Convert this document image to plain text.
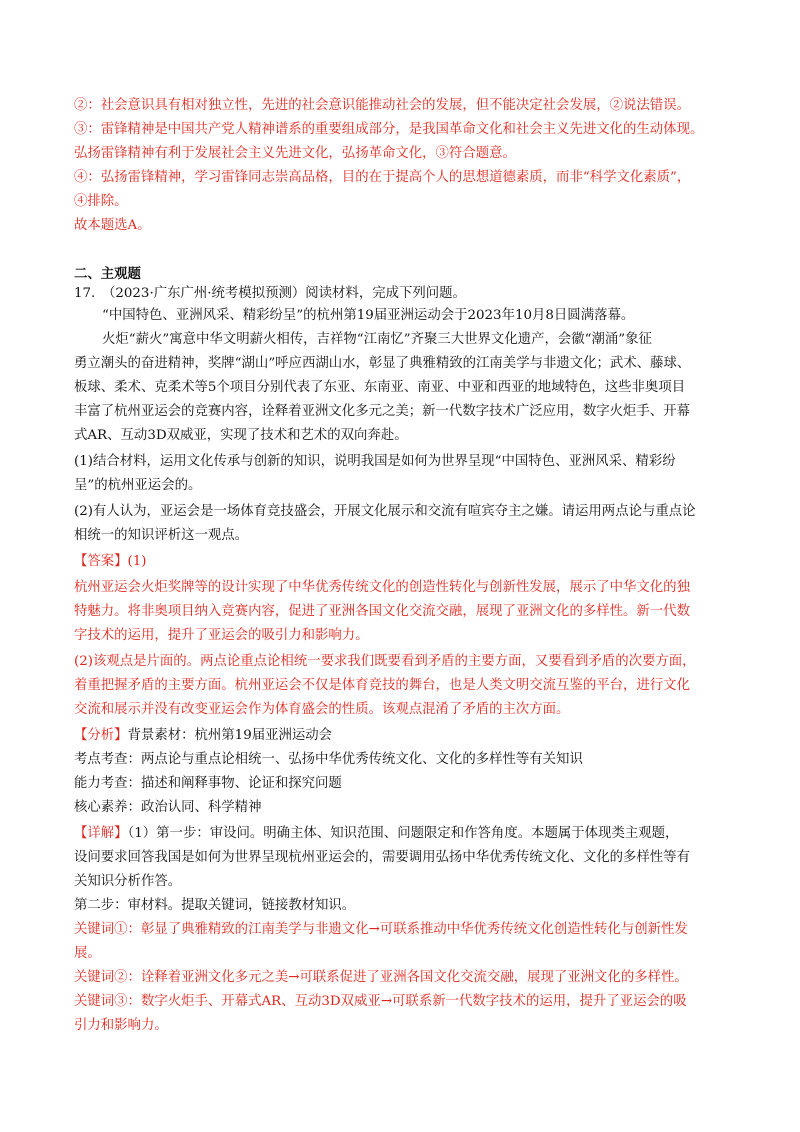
②：社会意识具有相对独立性，先进的社会意识能推动社会的发展，但不能决定社会发展，②说法错误。
③：雷锋精神是中国共产党人精神谱系的重要组成部分，是我国革命文化和社会主义先进文化的生动体现。
弘扬雷锋精神有利于发展社会主义先进文化，弘扬革命文化，③符合题意。
④：弘扬雷锋精神，学习雷锋同志崇高品格，目的在于提高个人的思想道德素质，而非“科学文化素质”，
④排除。
故本题选A。
二、主观题
17.　（2023·广东广州·统考模拟预测）阅读材料，完成下列问题。
“中国特色、亚洲风采、精彩纷呈”的杭州第19届亚洲运动会于2023年10月8日圆满落幕。
火炬“薪火”寓意中华文明薪火相传，吉祥物“江南忆”齐聚三大世界文化遗产，会徽“潮涌”象征
勇立潮头的奋进精神，奖牌“湖山”呼应西湖山水，彰显了典雅精致的江南美学与非遗文化；武术、藤球、
板球、柔术、克柔术等5个项目分别代表了东亚、东南亚、南亚、中亚和西亚的地域特色，这些非奥项目
丰富了杭州亚运会的竞赛内容，诠释着亚洲文化多元之美；新一代数字技术广泛应用，数字火炬手、开幕
式AR、互动3D双威亚，实现了技术和艺术的双向奔赴。
(1)结合材料，运用文化传承与创新的知识，说明我国是如何为世界呈现“中国特色、亚洲风采、精彩纷
呈”的杭州亚运会的。
(2)有人认为，亚运会是一场体育竞技盛会，开展文化展示和交流有喧宾夺主之嫌。请运用两点论与重点论
相统一的知识评析这一观点。
【答案】(1)
杭州亚运会火炬奖牌等的设计实现了中华优秀传统文化的创造性转化与创新性发展，展示了中华文化的独
特魅力。将非奥项目纳入竞赛内容，促进了亚洲各国文化交流交融，展现了亚洲文化的多样性。新一代数
字技术的运用，提升了亚运会的吸引力和影响力。
(2)该观点是片面的。两点论重点论相统一要求我们既要看到矛盾的主要方面，又要看到矛盾的次要方面，
着重把握矛盾的主要方面。杭州亚运会不仅是体育竞技的舞台，也是人类文明交流互鉴的平台，进行文化
交流和展示并没有改变亚运会作为体育盛会的性质。该观点混淆了矛盾的主次方面。
【分析】背景素材：杭州第19届亚洲运动会
考点考查：两点论与重点论相统一、弘扬中华优秀传统文化、文化的多样性等有关知识
能力考查：描述和阐释事物、论证和探究问题
核心素养：政治认同、科学精神
【详解】（1）第一步：审设问。明确主体、知识范围、问题限定和作答角度。本题属于体现类主观题，
设问要求回答我国是如何为世界呈现杭州亚运会的，需要调用弘扬中华优秀传统文化、文化的多样性等有
关知识分析作答。
第二步：审材料。提取关键词，链接教材知识。
关键词①：彰显了典雅精致的江南美学与非遗文化→可联系推动中华优秀传统文化创造性转化与创新性发
展。
关键词②：诠释着亚洲文化多元之美→可联系促进了亚洲各国文化交流交融，展现了亚洲文化的多样性。
关键词③：数字火炬手、开幕式AR、互动3D双威亚→可联系新一代数字技术的运用，提升了亚运会的吸
引力和影响力。
